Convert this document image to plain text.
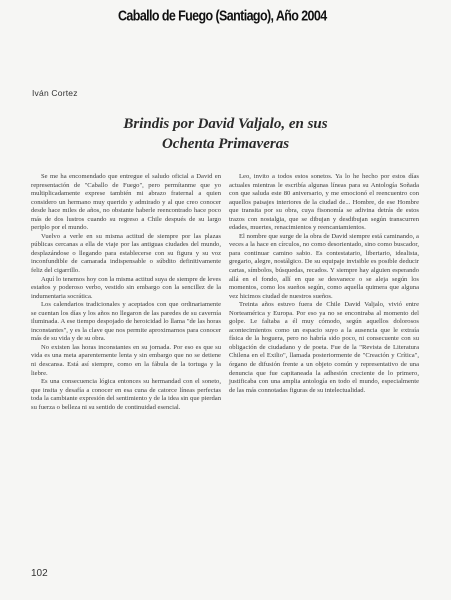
Caballo de Fuego (Santiago), Año 2004
Iván Cortez
Brindis por David Valjalo, en sus
Ochenta Primaveras

Se me ha encomendado que entregue el saludo oficial a David en representación de "Caballo de Fuego", pero permítanme que yo multiplicadamente exprese también mi abrazo fraternal a quien considero un hermano muy querido y admirado y al que creo conocer desde hace miles de años, no obstante haberle reencontrado hace poco más de dos lustros cuando su regreso a Chile después de su largo periplo por el mundo.

Vuelvo a verle en su misma actitud de siempre por las plazas públicas cercanas a ella de viaje por las antiguas ciudades del mundo, desplazándose o llegando para establecerse con su figura y su voz inconfundible de camarada indispensable o súbdito definitivamente feliz del cigarrillo.

Aquí lo tenemos hoy con la misma actitud suya de siempre de leves estaños y poderoso verbo, vestido sin embargo con la sencillez de la indumentaria socrática.

Los calendarios tradicionales y aceptados con que ordinariamente se cuentan los días y los años no llegaron de las paredes de su cavernía iluminada. A ese tiempo despojado de heroicidad lo llama "de las horas inconstantes", y es la clave que nos permite aproximarnos para conocer más de su vida y de su obra.

No existen las horas inconstantes en su jornada. Por eso es que su vida es una meta aparentemente lenta y sin embargo que no se detiene ni descansa. Está así siempre, como en la fábula de la tortuga y la liebre.

Es una consecuencia lógica entonces su hermandad con el soneto, que insita y desafía a conocer en esa cuna de catorce líneas perfectas toda la cambiante expresión del sentimiento y de la idea sin que pierdan su fuerza o belleza ni su sentido de continuidad esencial.

Leo, invito a todos estos sonetos. Ya lo he hecho por estos días actuales mientras le escribía algunas líneas para su Antología Soñada con que saluda este 80 aniversario, y me emocionó el reencuentro con aquellos paisajes interiores de la ciudad de... Hombre, de ese Hombre que transita por su obra, cuya fisonomía se adivina detrás de estos trazos con nostalgia, que se dibujan y desdibujan según transcurren edades, muertes, renacimientos y reencantamientos.

El nombre que surge de la obra de David siempre está caminando, a veces a la hace en círculos, no como desorientado, sino como buscador, para continuar camino sabio. Es contestatario, libertario, idealista, gregario, alegre, nostálgico. De su equipaje invisible es posible deducir cartas, símbolos, búsquedas, recados. Y siempre hay alguien esperando allá en el fondo, allí en que se desvanece o se aleja según los momentos, como los sueños según, como aquella quimera que alguna vez hicimos ciudad de nuestros sueños.

Treinta años estuvo fuera de Chile David Valjalo, vivió entre Norteamérica y Europa. Por eso ya no se encontraba al momento del golpe. Le faltaba a él muy cómodo, según aquellos dolorosos acontecimientos como un espacio suyo a la ausencia que le extraía física de la hoguera, pero no habría sido poco, ni consecuente con su obligación de ciudadano y de poeta. Fue de la "Revista de Literatura Chilena en el Exilio", llamada posteriormente de "Creación y Crítica", órgano de difusión frente a un objeto común y representativo de una denuncia que fue capitaneada la adhesión creciente de lo primero, justificaba con una amplia antología en todo el mundo, especialmente de las más connotadas figuras de su intelectualidad.

102
